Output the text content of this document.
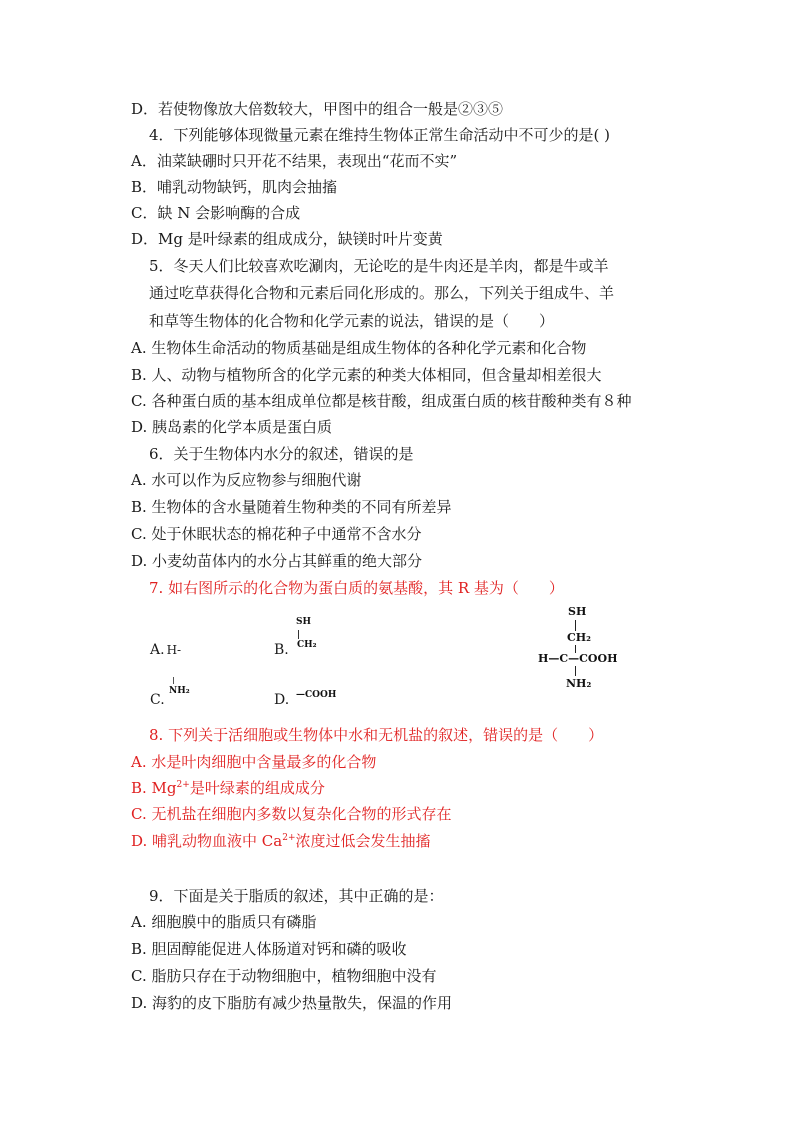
D．若使物像放大倍数较大，甲图中的组合一般是②③⑤
4．下列能够体现微量元素在维持生物体正常生命活动中不可少的是( )
A．油菜缺硼时只开花不结果，表现出“花而不实”
B．哺乳动物缺钙，肌肉会抽搐
C．缺 N 会影响酶的合成
D．Mg 是叶绿素的组成成分，缺镁时叶片变黄
5．冬天人们比较喜欢吃涮肉，无论吃的是牛肉还是羊肉，都是牛或羊
通过吃草获得化合物和元素后同化形成的。那么，下列关于组成牛、羊
和草等生物体的化合物和化学元素的说法，错误的是（　　）
A. 生物体生命活动的物质基础是组成生物体的各种化学元素和化合物
B. 人、动物与植物所含的化学元素的种类大体相同，但含量却相差很大
C. 各种蛋白质的基本组成单位都是核苷酸，组成蛋白质的核苷酸种类有８种
D. 胰岛素的化学本质是蛋白质
6．关于生物体内水分的叙述，错误的是
A. 水可以作为反应物参与细胞代谢
B. 生物体的含水量随着生物种类的不同有所差异
C. 处于休眠状态的棉花种子中通常不含水分
D. 小麦幼苗体内的水分占其鲜重的绝大部分
7. 如右图所示的化合物为蛋白质的氨基酸，其 R 基为（　　）
A. H-	B.
SH
CH₂
C.
NH₂
D. —COOH
SH
CH₂
H—C—COOH
NH₂
8. 下列关于活细胞或生物体中水和无机盐的叙述，错误的是（　　）
A. 水是叶肉细胞中含量最多的化合物
B. $Mg^{2+}$是叶绿素的组成成分
C. 无机盐在细胞内多数以复杂化合物的形式存在
D. 哺乳动物血液中 $Ca^{2+}$浓度过低会发生抽搐
9．下面是关于脂质的叙述，其中正确的是：
A. 细胞膜中的脂质只有磷脂
B. 胆固醇能促进人体肠道对钙和磷的吸收
C. 脂肪只存在于动物细胞中，植物细胞中没有
D. 海豹的皮下脂肪有减少热量散失，保温的作用
